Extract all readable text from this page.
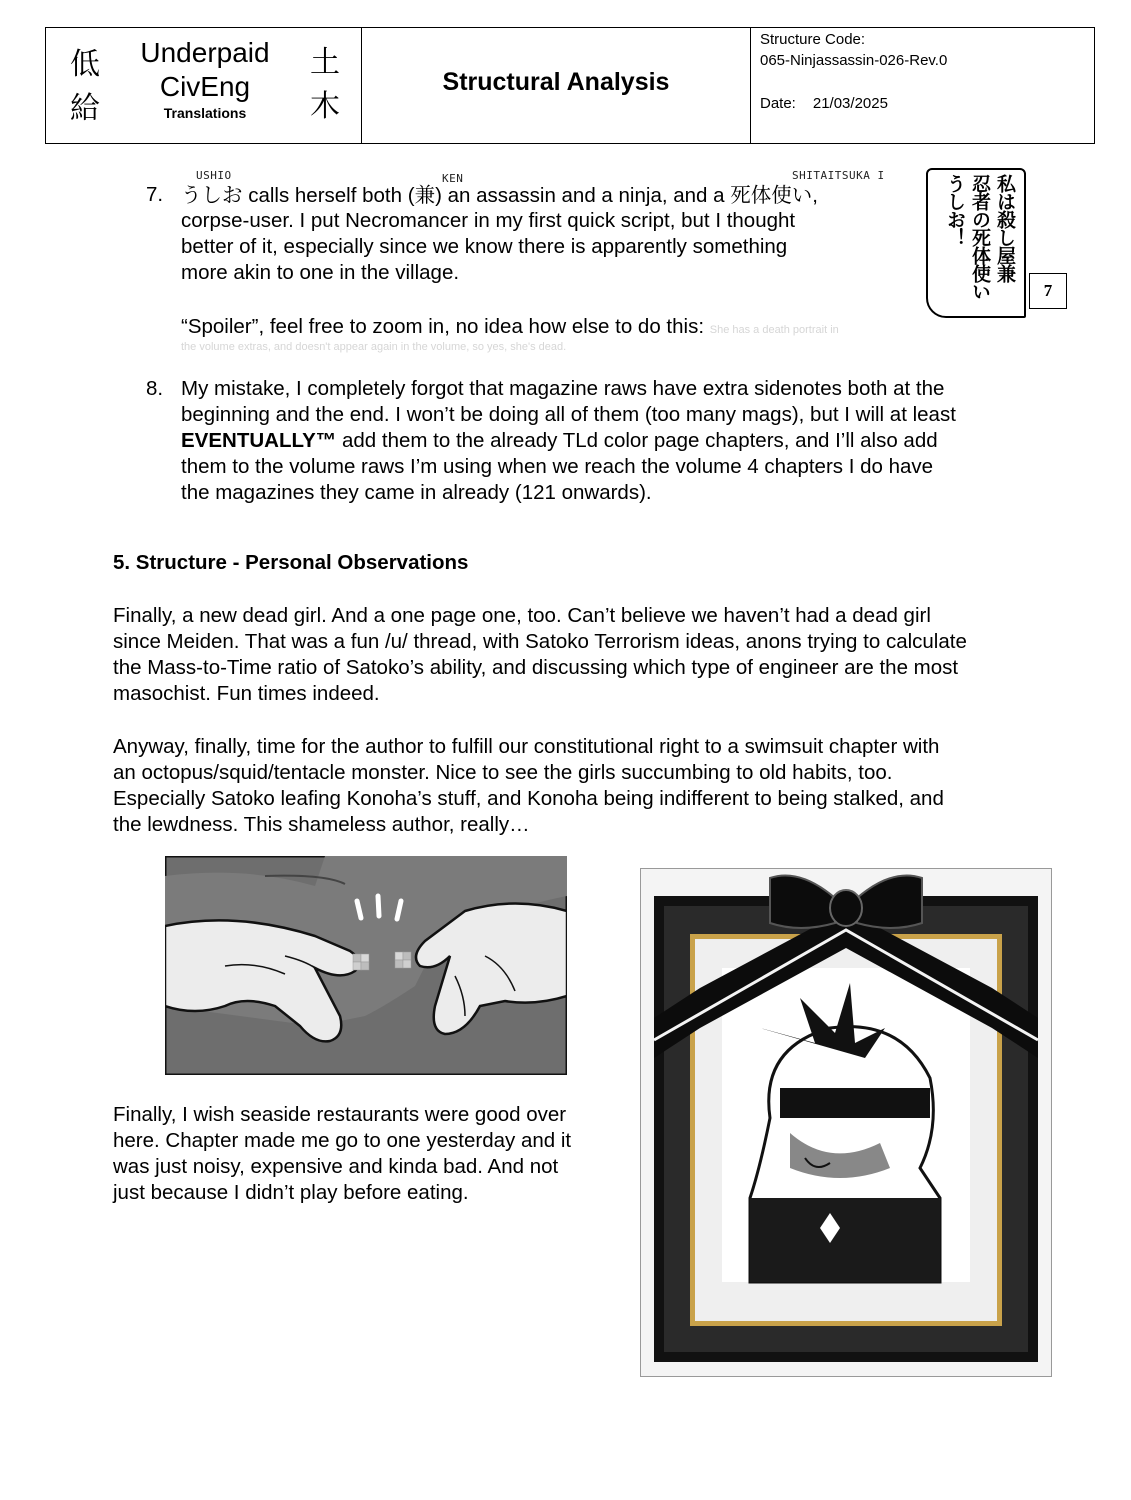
低
給
Underpaid
CivEng
Translations
土
木
Structural Analysis
Structure Code:
065-Ninjassassin-026-Rev.0
Date: 21/03/2025
USHIO	KEN	SHITAITSUKA I
7. うしお calls herself both (兼) an assassin and a ninja, and a 死体使い,
corpse-user. I put Necromancer in my first quick script, but I thought
better of it, especially since we know there is apparently something
more akin to one in the village.
“Spoiler”, feel free to zoom in, no idea how else to do this: She has a death portrait in
the volume extras, and doesn't appear again in the volume, so yes, she's dead.
私は殺し屋兼
忍者の死体使い
うしお！
7
8. My mistake, I completely forgot that magazine raws have extra sidenotes both at the
beginning and the end. I won’t be doing all of them (too many mags), but I will at least
EVENTUALLY™ add them to the already TLd color page chapters, and I’ll also add
them to the volume raws I’m using when we reach the volume 4 chapters I do have
the magazines they came in already (121 onwards).
5. Structure - Personal Observations
Finally, a new dead girl. And a one page one, too. Can’t believe we haven’t had a dead girl
since Meiden. That was a fun /u/ thread, with Satoko Terrorism ideas, anons trying to calculate
the Mass-to-Time ratio of Satoko’s ability, and discussing which type of engineer are the most
masochist. Fun times indeed.
Anyway, finally, time for the author to fulfill our constitutional right to a swimsuit chapter with
an octopus/squid/tentacle monster. Nice to see the girls succumbing to old habits, too.
Especially Satoko leafing Konoha’s stuff, and Konoha being indifferent to being stalked, and
the lewdness. This shameless author, really…
Finally, I wish seaside restaurants were good over
here. Chapter made me go to one yesterday and it
was just noisy, expensive and kinda bad. And not
just because I didn’t play before eating.
